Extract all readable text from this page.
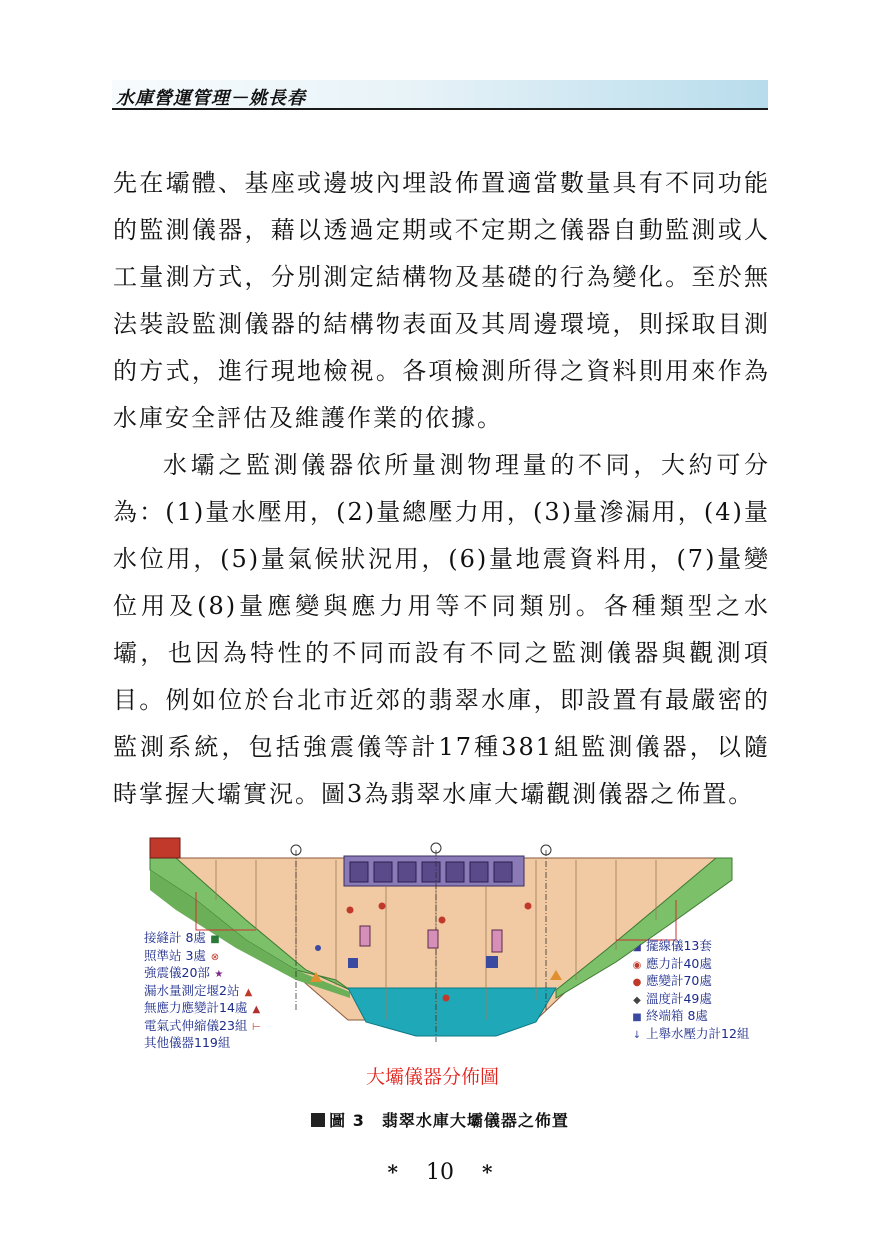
水庫營運管理－姚長春

先在壩體、基座或邊坡內埋設佈置適當數量具有不同功能的監測儀器，藉以透過定期或不定期之儀器自動監測或人工量測方式，分別測定結構物及基礎的行為變化。至於無法裝設監測儀器的結構物表面及其周邊環境，則採取目測的方式，進行現地檢視。各項檢測所得之資料則用來作為水庫安全評估及維護作業的依據。

水壩之監測儀器依所量測物理量的不同，大約可分為：(1)量水壓用，(2)量總壓力用，(3)量滲漏用，(4)量水位用，(5)量氣候狀況用，(6)量地震資料用，(7)量變位用及(8)量應變與應力用等不同類別。各種類型之水壩，也因為特性的不同而設有不同之監測儀器與觀測項目。例如位於台北市近郊的翡翠水庫，即設置有最嚴密的監測系統，包括強震儀等計17種381組監測儀器，以隨時掌握大壩實況。圖3為翡翠水庫大壩觀測儀器之佈置。

接縫計 8處 ■
照準站 3處 ⊗
強震儀20部 ★
漏水量測定堰2站 ▲
無應力應變計14處 ▲
電氣式伸縮儀23組 ⊢
其他儀器119組
◢ 擺線儀13套
◉ 應力計40處
● 應變計70處
◆ 溫度計49處
■ 終端箱 8處
↓ 上舉水壓力計12組
大壩儀器分佈圖
圖 3　翡翠水庫大壩儀器之佈置
* 10 *
